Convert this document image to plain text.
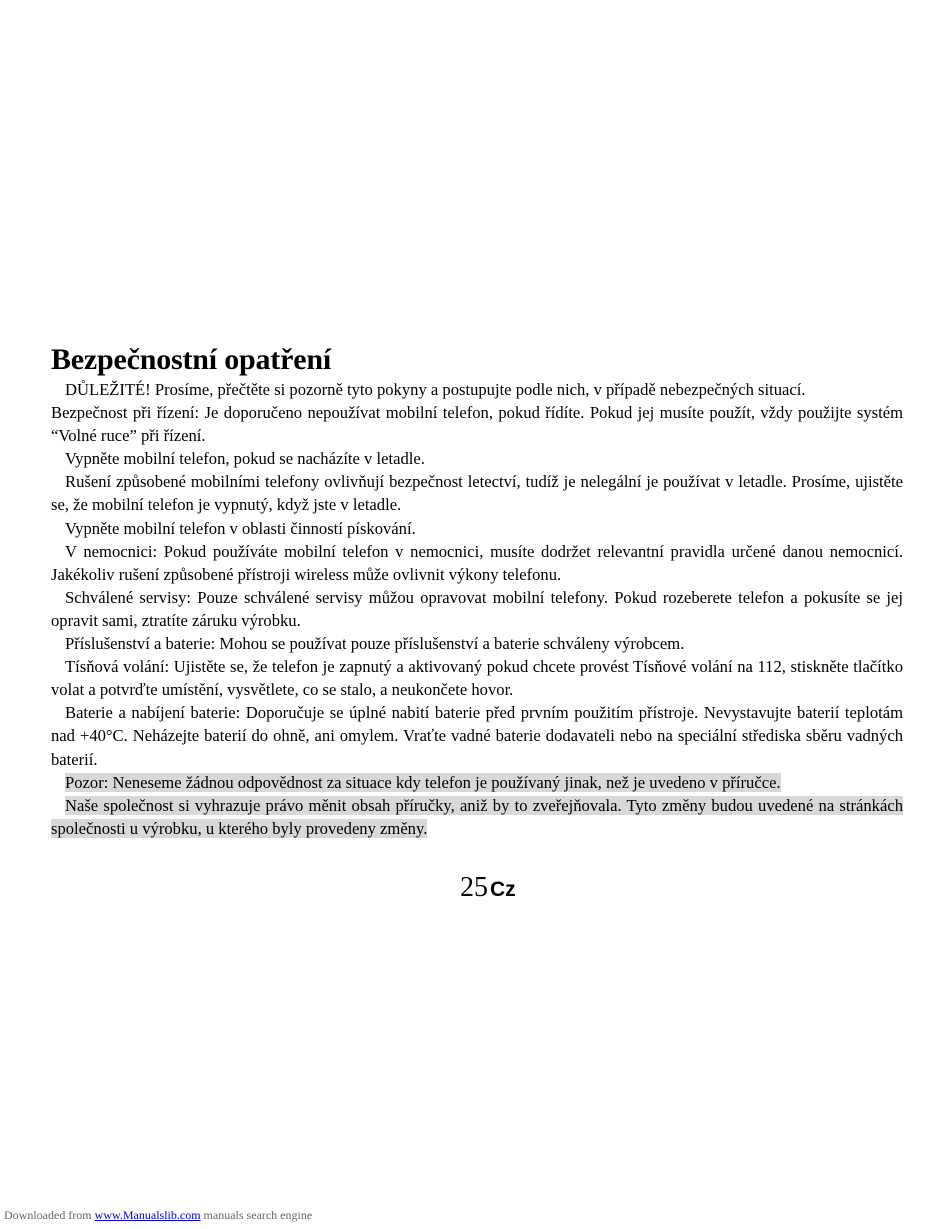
Bezpečnostní opatření

DŮLEŽITÉ! Prosíme, přečtěte si pozorně tyto pokyny a postupujte podle nich, v případě nebezpečných situací.

Bezpečnost při řízení: Je doporučeno nepoužívat mobilní telefon, pokud řídíte. Pokud jej musíte použít, vždy použijte systém “Volné ruce” při řízení.

Vypněte mobilní telefon, pokud se nacházíte v letadle.

Rušení způsobené mobilními telefony ovlivňují bezpečnost letectví, tudíž je nelegální je používat v letadle. Prosíme, ujistěte se, že mobilní telefon je vypnutý, když jste v letadle.

Vypněte mobilní telefon v oblasti činností pískování.

V nemocnici: Pokud používáte mobilní telefon v nemocnici, musíte dodržet relevantní pravidla určené danou nemocnicí. Jakékoliv rušení způsobené přístroji wireless může ovlivnit výkony telefonu.

Schválené servisy: Pouze schválené servisy můžou opravovat mobilní telefony. Pokud rozeberete telefon a pokusíte se jej opravit sami, ztratíte záruku výrobku.

Příslušenství a baterie: Mohou se používat pouze příslušenství a baterie schváleny výrobcem.

Tísňová volání: Ujistěte se, že telefon je zapnutý a aktivovaný pokud chcete provést Tísňové volání na 112, stiskněte tlačítko volat a potvrďte umístění, vysvětlete, co se stalo, a neukončete hovor.

Baterie a nabíjení baterie: Doporučuje se úplné nabití baterie před prvním použitím přístroje. Nevystavujte baterií teplotám nad +40°C. Neházejte baterií do ohně, ani omylem. Vraťte vadné baterie dodavateli nebo na speciální střediska sběru vadných baterií.

Pozor: Neneseme žádnou odpovědnost za situace kdy telefon je používaný jinak, než je uvedeno v příručce.

Naše společnost si vyhrazuje právo měnit obsah příručky, aniž by to zveřejňovala. Tyto změny budou uvedené na stránkách společnosti u výrobku, u kterého byly provedeny změny.

25Cz
Downloaded from www.Manualslib.com manuals search engine
